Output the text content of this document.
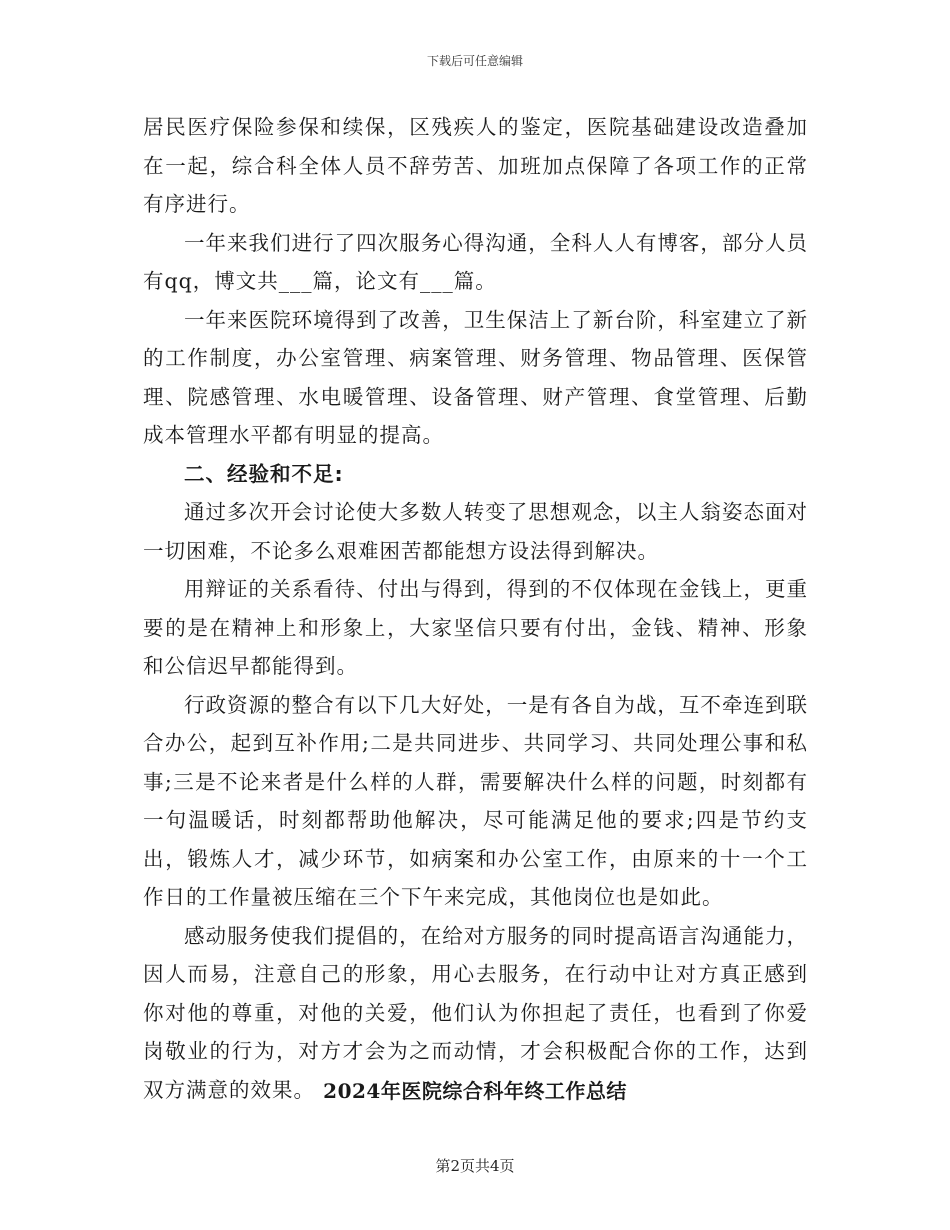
下载后可任意编辑

居民医疗保险参保和续保，区残疾人的鉴定，医院基础建设改造叠加在一起，综合科全体人员不辞劳苦、加班加点保障了各项工作的正常有序进行。

一年来我们进行了四次服务心得沟通，全科人人有博客，部分人员有qq，博文共___篇，论文有___篇。

一年来医院环境得到了改善，卫生保洁上了新台阶，科室建立了新的工作制度，办公室管理、病案管理、财务管理、物品管理、医保管理、院感管理、水电暖管理、设备管理、财产管理、食堂管理、后勤成本管理水平都有明显的提高。

二、经验和不足:

通过多次开会讨论使大多数人转变了思想观念，以主人翁姿态面对一切困难，不论多么艰难困苦都能想方设法得到解决。

用辩证的关系看待、付出与得到，得到的不仅体现在金钱上，更重要的是在精神上和形象上，大家坚信只要有付出，金钱、精神、形象和公信迟早都能得到。

行政资源的整合有以下几大好处，一是有各自为战，互不牵连到联合办公，起到互补作用;二是共同进步、共同学习、共同处理公事和私事;三是不论来者是什么样的人群，需要解决什么样的问题，时刻都有一句温暖话，时刻都帮助他解决，尽可能满足他的要求;四是节约支出，锻炼人才，减少环节，如病案和办公室工作，由原来的十一个工作日的工作量被压缩在三个下午来完成，其他岗位也是如此。

感动服务使我们提倡的，在给对方服务的同时提高语言沟通能力，因人而易，注意自己的形象，用心去服务，在行动中让对方真正感到你对他的尊重，对他的关爱，他们认为你担起了责任，也看到了你爱岗敬业的行为，对方才会为之而动情，才会积极配合你的工作，达到双方满意的效果。 2024年医院综合科年终工作总结
第2页共4页
